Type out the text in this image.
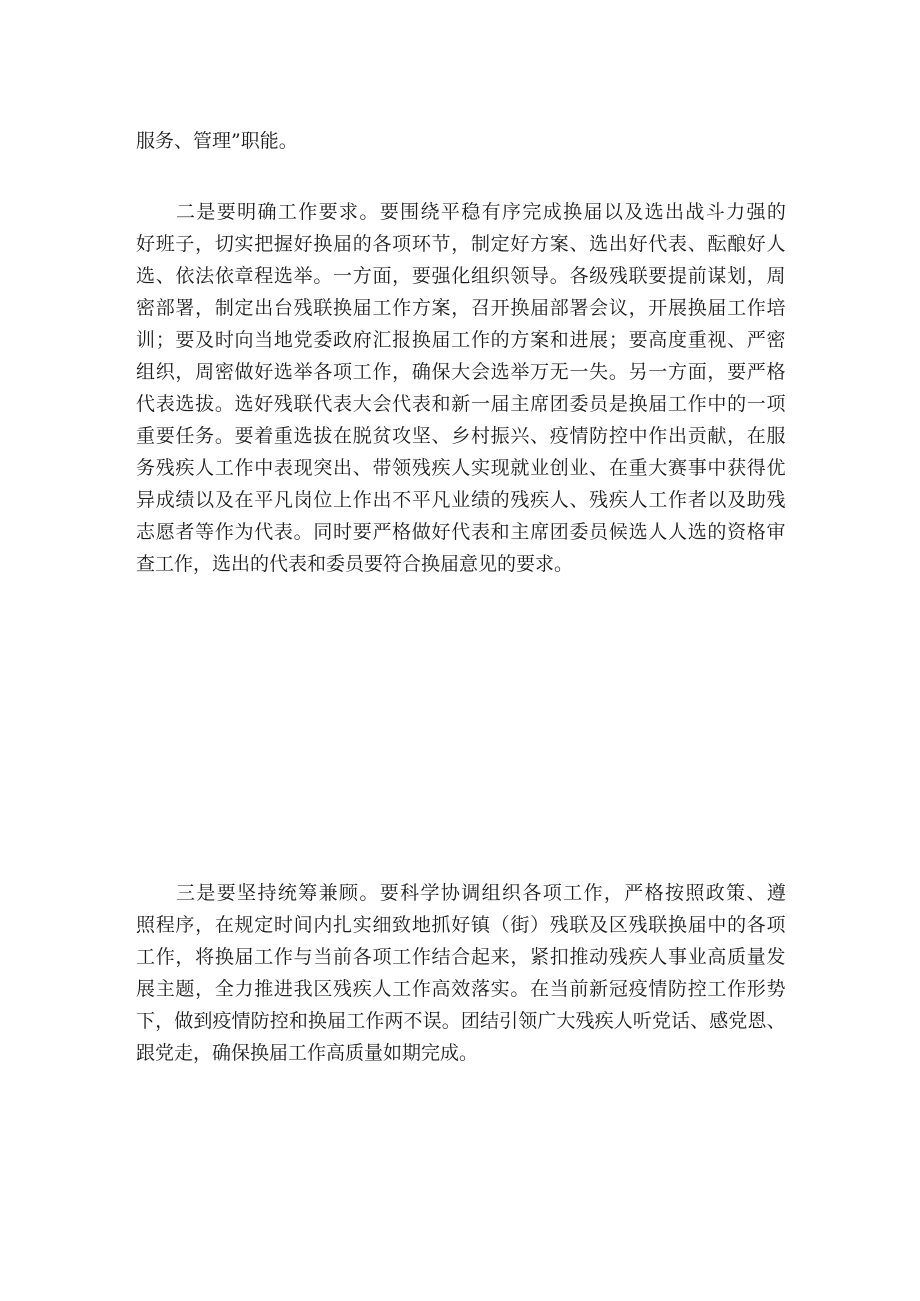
服务、管理”职能。
二 是 要 明 确 工 作 要 求 。 要 围 绕 平 稳 有 序 完 成 换 届 以 及 选 出 战 斗 力 强 的
好 班 子 ， 切 实 把 握 好 换 届 的 各 项 环 节 ， 制 定 好 方 案 、 选 出 好 代 表 、 酝 酿 好 人
选 、 依 法 依 章 程 选 举 。 一 方 面 ， 要 强 化 组 织 领 导 。 各 级 残 联 要 提 前 谋 划 ， 周
密 部 署 ， 制 定 出 台 残 联 换 届 工 作 方 案 ， 召 开 换 届 部 署 会 议 ， 开 展 换 届 工 作 培
训 ； 要 及 时 向 当 地 党 委 政 府 汇 报 换 届 工 作 的 方 案 和 进 展 ； 要 高 度 重 视 、 严 密
组 织 ， 周 密 做 好 选 举 各 项 工 作 ， 确 保 大 会 选 举 万 无 一 失 。 另 一 方 面 ， 要 严 格
代 表 选 拔 。 选 好 残 联 代 表 大 会 代 表 和 新 一 届 主 席 团 委 员 是 换 届 工 作 中 的 一 项
重 要 任 务 。 要 着 重 选 拔 在 脱 贫 攻 坚 、 乡 村 振 兴 、 疫 情 防 控 中 作 出 贡 献 ， 在 服
务 残 疾 人 工 作 中 表 现 突 出 、 带 领 残 疾 人 实 现 就 业 创 业 、 在 重 大 赛 事 中 获 得 优
异 成 绩 以 及 在 平 凡 岗 位 上 作 出 不 平 凡 业 绩 的 残 疾 人 、 残 疾 人 工 作 者 以 及 助 残
志 愿 者 等 作 为 代 表 。 同 时 要 严 格 做 好 代 表 和 主 席 团 委 员 候 选 人 人 选 的 资 格 审
查工作，选出的代表和委员要符合换届意见的要求。
三 是 要 坚 持 统 筹 兼 顾 。 要 科 学 协 调 组 织 各 项 工 作 ， 严 格 按 照 政 策 、 遵
照 程 序 ， 在 规 定 时 间 内 扎 实 细 致 地 抓 好 镇 （ 街 ） 残 联 及 区 残 联 换 届 中 的 各 项
工 作 ， 将 换 届 工 作 与 当 前 各 项 工 作 结 合 起 来 ， 紧 扣 推 动 残 疾 人 事 业 高 质 量 发
展 主 题 ， 全 力 推 进 我 区 残 疾 人 工 作 高 效 落 实 。 在 当 前 新 冠 疫 情 防 控 工 作 形 势
下 ， 做 到 疫 情 防 控 和 换 届 工 作 两 不 误 。 团 结 引 领 广 大 残 疾 人 听 党 话 、 感 党 恩 、
跟党走，确保换届工作高质量如期完成。
